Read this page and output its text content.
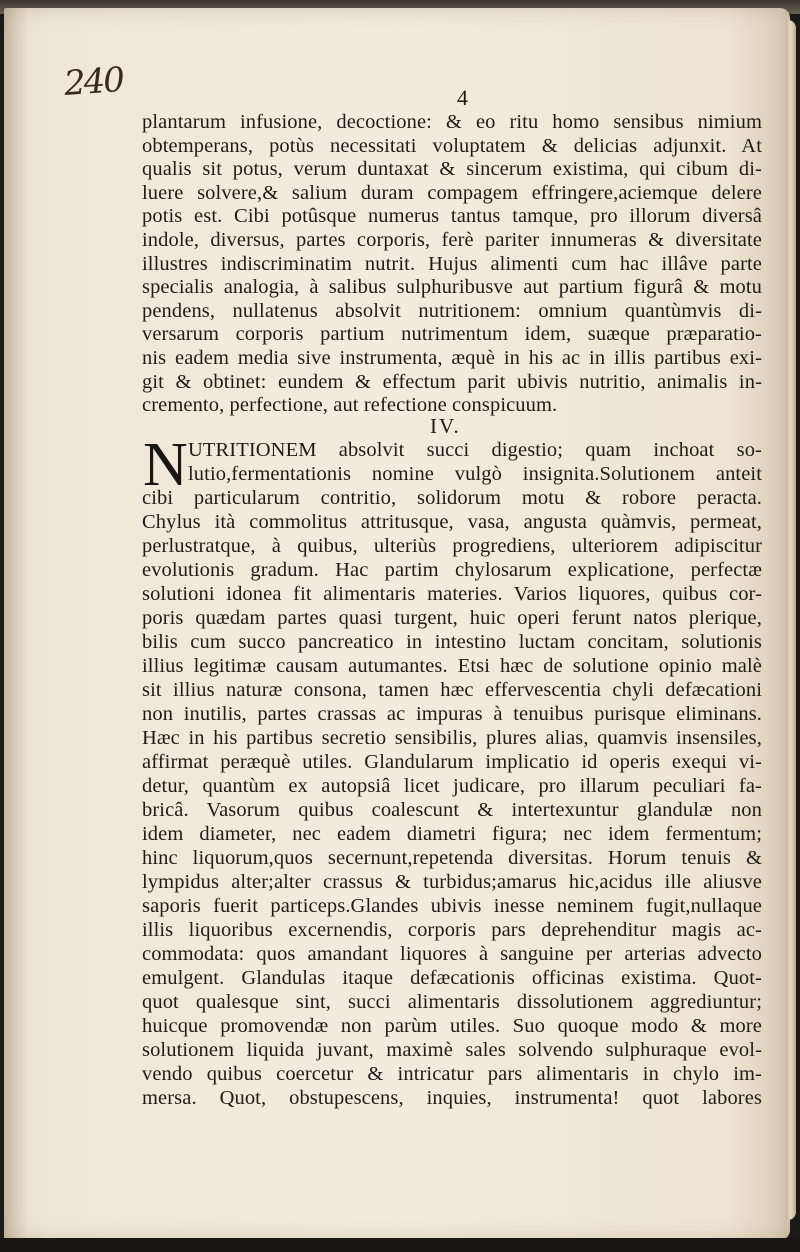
240	4
plantarum infusione, decoctione: & eo ritu homo sensibus nimium
obtemperans, potùs necessitati voluptatem & delicias adjunxit. At
qualis sit potus, verum duntaxat & sincerum existima, qui cibum di-
luere solvere,& salium duram compagem effringere,aciemque delere
potis est. Cibi potûsque numerus tantus tamque, pro illorum diversâ
indole, diversus, partes corporis, ferè pariter innumeras & diversitate
illustres indiscriminatim nutrit. Hujus alimenti cum hac illâve parte
specialis analogia, à salibus sulphuribusve aut partium figurâ & motu
pendens, nullatenus absolvit nutritionem: omnium quantùmvis di-
versarum corporis partium nutrimentum idem, suæque præparatio-
nis eadem media sive instrumenta, æquè in his ac in illis partibus exi-
git & obtinet: eundem & effectum parit ubivis nutritio, animalis in-
cremento, perfectione, aut refectione conspicuum.
IV.
N UTRITIONEM absolvit succi digestio; quam inchoat so-
lutio,fermentationis nomine vulgò insignita.Solutionem anteit
cibi particularum contritio, solidorum motu & robore peracta.
Chylus ità commolitus attritusque, vasa, angusta quàmvis, permeat,
perlustratque, à quibus, ulteriùs progrediens, ulteriorem adipiscitur
evolutionis gradum. Hac partim chylosarum explicatione, perfectæ
solutioni idonea fit alimentaris materies. Varios liquores, quibus cor-
poris quædam partes quasi turgent, huic operi ferunt natos plerique,
bilis cum succo pancreatico in intestino luctam concitam, solutionis
illius legitimæ causam autumantes. Etsi hæc de solutione opinio malè
sit illius naturæ consona, tamen hæc effervescentia chyli defæcationi
non inutilis, partes crassas ac impuras à tenuibus purisque eliminans.
Hæc in his partibus secretio sensibilis, plures alias, quamvis insensiles,
affirmat peræquè utiles. Glandularum implicatio id operis exequi vi-
detur, quantùm ex autopsiâ licet judicare, pro illarum peculiari fa-
bricâ. Vasorum quibus coalescunt & intertexuntur glandulæ non
idem diameter, nec eadem diametri figura; nec idem fermentum;
hinc liquorum,quos secernunt,repetenda diversitas. Horum tenuis &
lympidus alter;alter crassus & turbidus;amarus hic,acidus ille aliusve
saporis fuerit particeps.Glandes ubivis inesse neminem fugit,nullaque
illis liquoribus excernendis, corporis pars deprehenditur magis ac-
commodata: quos amandant liquores à sanguine per arterias advecto
emulgent. Glandulas itaque defæcationis officinas existima. Quot-
quot qualesque sint, succi alimentaris dissolutionem aggrediuntur;
huicque promovendæ non parùm utiles. Suo quoque modo & more
solutionem liquida juvant, maximè sales solvendo sulphuraque evol-
vendo quibus coercetur & intricatur pars alimentaris in chylo im-
mersa. Quot, obstupescens, inquies, instrumenta! quot labores
